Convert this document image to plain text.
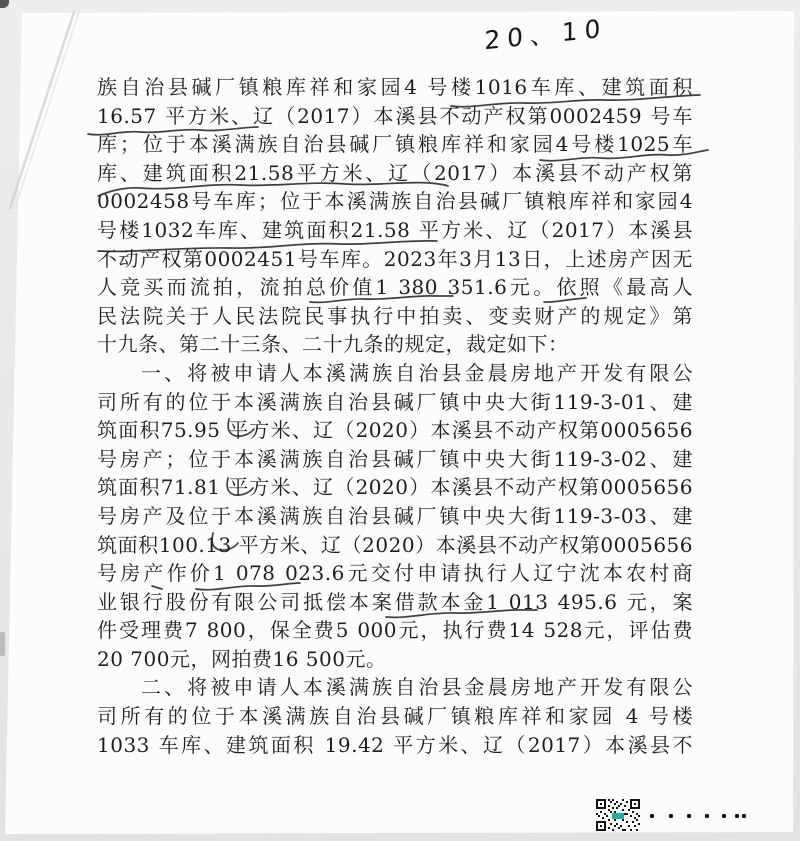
20、10
族自治县碱厂镇粮库祥和家园4 号楼1016车库、建筑面积
16.57 平方米、辽（2017）本溪县不动产权第0002459 号车
库；位于本溪满族自治县碱厂镇粮库祥和家园4号楼1025车
库、建筑面积21.58平方米、辽（2017）本溪县不动产权第
0002458号车库；位于本溪满族自治县碱厂镇粮库祥和家园4
号楼1032车库、建筑面积21.58 平方米、辽（2017）本溪县
不动产权第0002451号车库。2023年3月13日，上述房产因无
人竞买而流拍，流拍总价值1 380 351.6元。依照《最高人
民法院关于人民法院民事执行中拍卖、变卖财产的规定》第
十九条、第二十三条、二十九条的规定，裁定如下：
一、将被申请人本溪满族自治县金晨房地产开发有限公
司所有的位于本溪满族自治县碱厂镇中央大街119-3-01、建
筑面积75.95 平方米、辽（2020）本溪县不动产权第0005656
号房产；位于本溪满族自治县碱厂镇中央大街119-3-02、建
筑面积71.81 平方米、辽（2020）本溪县不动产权第0005656
号房产及位于本溪满族自治县碱厂镇中央大街119-3-03、建
筑面积100.13 平方米、辽（2020）本溪县不动产权第0005656
号房产作价1 078 023.6元交付申请执行人辽宁沈本农村商
业银行股份有限公司抵偿本案借款本金1 013 495.6 元，案
件受理费7 800，保全费5 000元，执行费14 528元，评估费
20 700元，网拍费16 500元。
二、将被申请人本溪满族自治县金晨房地产开发有限公
司所有的位于本溪满族自治县碱厂镇粮库祥和家园 4 号楼
1033 车库、建筑面积 19.42 平方米、辽（2017）本溪县不
